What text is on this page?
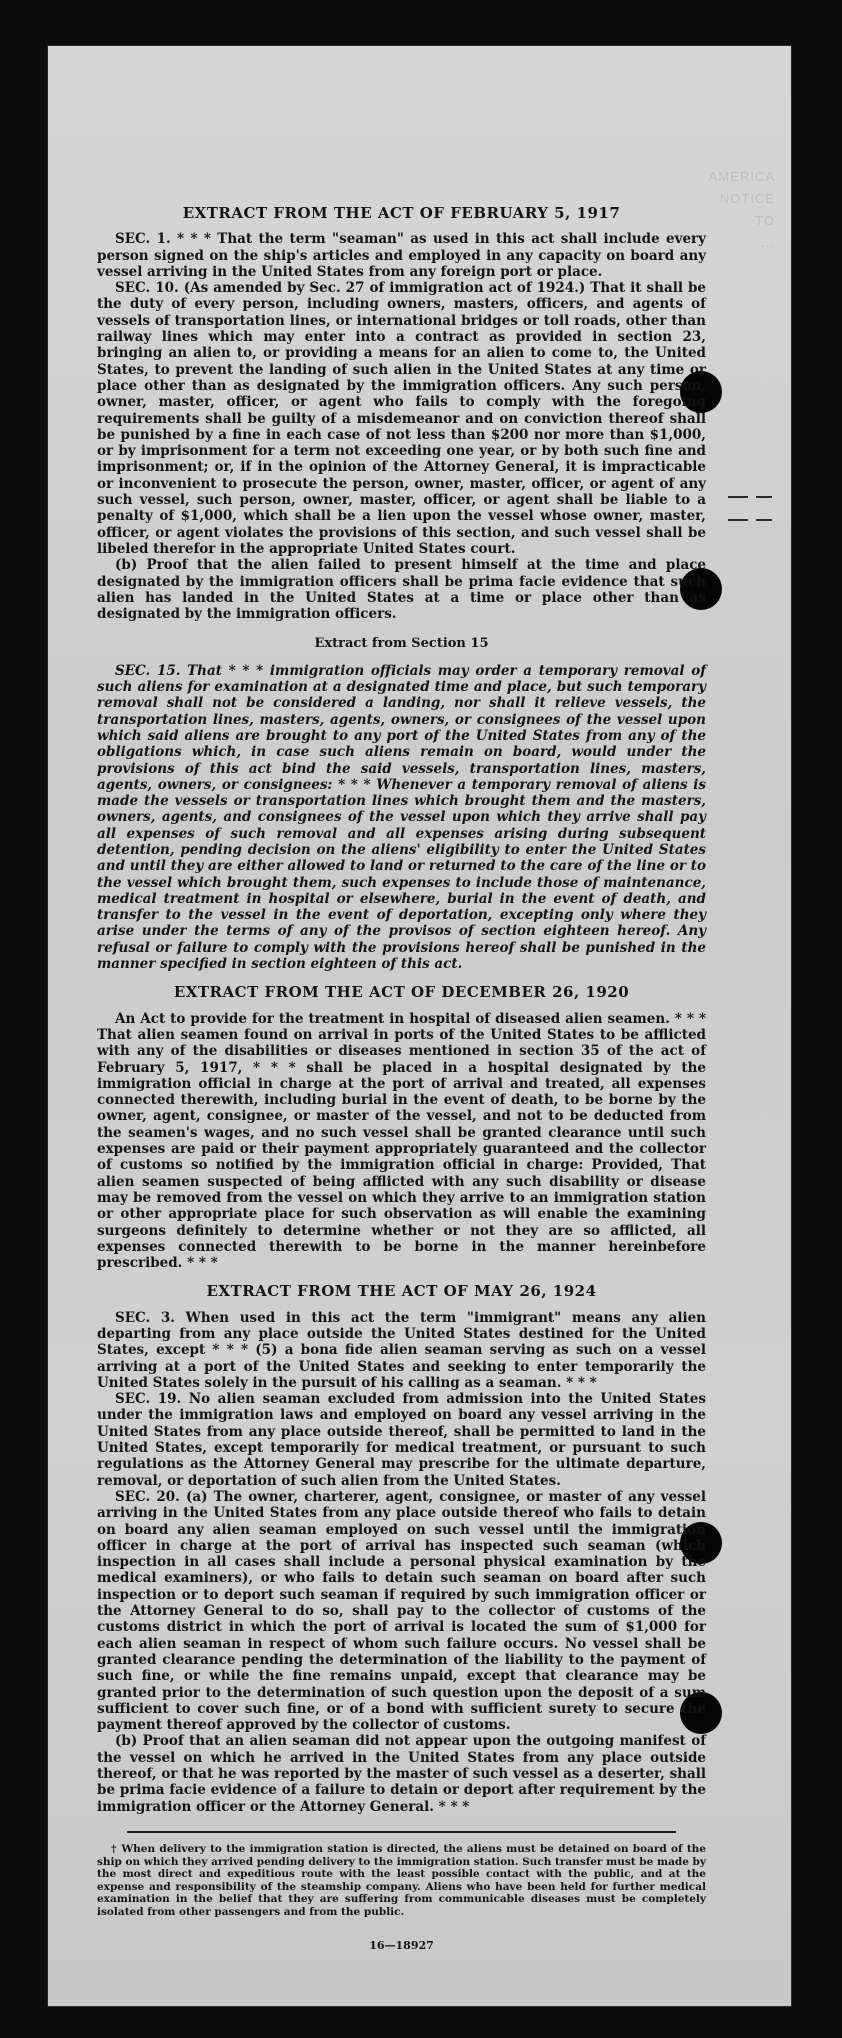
AMERICA
NOTICE
TO
...
EXTRACT FROM THE ACT OF FEBRUARY 5, 1917

SEC. 1. * * * That the term "seaman" as used in this act shall include every person signed on the ship's articles and employed in any capacity on board any vessel arriving in the United States from any foreign port or place.

SEC. 10. (As amended by Sec. 27 of immigration act of 1924.) That it shall be the duty of every person, including owners, masters, officers, and agents of vessels of transportation lines, or international bridges or toll roads, other than railway lines which may enter into a contract as provided in section 23, bringing an alien to, or providing a means for an alien to come to, the United States, to prevent the landing of such alien in the United States at any time or place other than as designated by the immigration officers. Any such person, owner, master, officer, or agent who fails to comply with the foregoing requirements shall be guilty of a misdemeanor and on conviction thereof shall be punished by a fine in each case of not less than $200 nor more than $1,000, or by imprisonment for a term not exceeding one year, or by both such fine and imprisonment; or, if in the opinion of the Attorney General, it is impracticable or inconvenient to prosecute the person, owner, master, officer, or agent of any such vessel, such person, owner, master, officer, or agent shall be liable to a penalty of $1,000, which shall be a lien upon the vessel whose owner, master, officer, or agent violates the provisions of this section, and such vessel shall be libeled therefor in the appropriate United States court.

(b) Proof that the alien failed to present himself at the time and place designated by the immigration officers shall be prima facie evidence that such alien has landed in the United States at a time or place other than as designated by the immigration officers.

Extract from Section 15

SEC. 15. That * * * immigration officials may order a temporary removal of such aliens for examination at a designated time and place, but such temporary removal shall not be considered a landing, nor shall it relieve vessels, the transportation lines, masters, agents, owners, or consignees of the vessel upon which said aliens are brought to any port of the United States from any of the obligations which, in case such aliens remain on board, would under the provisions of this act bind the said vessels, transportation lines, masters, agents, owners, or consignees: * * * Whenever a temporary removal of aliens is made the vessels or transportation lines which brought them and the masters, owners, agents, and consignees of the vessel upon which they arrive shall pay all expenses of such removal and all expenses arising during subsequent detention, pending decision on the aliens' eligibility to enter the United States and until they are either allowed to land or returned to the care of the line or to the vessel which brought them, such expenses to include those of maintenance, medical treatment in hospital or elsewhere, burial in the event of death, and transfer to the vessel in the event of deportation, excepting only where they arise under the terms of any of the provisos of section eighteen hereof. Any refusal or failure to comply with the provisions hereof shall be punished in the manner specified in section eighteen of this act.

EXTRACT FROM THE ACT OF DECEMBER 26, 1920

An Act to provide for the treatment in hospital of diseased alien seamen. * * * That alien seamen found on arrival in ports of the United States to be afflicted with any of the disabilities or diseases mentioned in section 35 of the act of February 5, 1917, * * * shall be placed in a hospital designated by the immigration official in charge at the port of arrival and treated, all expenses connected therewith, including burial in the event of death, to be borne by the owner, agent, consignee, or master of the vessel, and not to be deducted from the seamen's wages, and no such vessel shall be granted clearance until such expenses are paid or their payment appropriately guaranteed and the collector of customs so notified by the immigration official in charge: Provided, That alien seamen suspected of being afflicted with any such disability or disease may be removed from the vessel on which they arrive to an immigration station or other appropriate place for such observation as will enable the examining surgeons definitely to determine whether or not they are so afflicted, all expenses connected therewith to be borne in the manner hereinbefore prescribed. * * *

EXTRACT FROM THE ACT OF MAY 26, 1924

SEC. 3. When used in this act the term "immigrant" means any alien departing from any place outside the United States destined for the United States, except * * * (5) a bona fide alien seaman serving as such on a vessel arriving at a port of the United States and seeking to enter temporarily the United States solely in the pursuit of his calling as a seaman. * * *

SEC. 19. No alien seaman excluded from admission into the United States under the immigration laws and employed on board any vessel arriving in the United States from any place outside thereof, shall be permitted to land in the United States, except temporarily for medical treatment, or pursuant to such regulations as the Attorney General may prescribe for the ultimate departure, removal, or deportation of such alien from the United States.

SEC. 20. (a) The owner, charterer, agent, consignee, or master of any vessel arriving in the United States from any place outside thereof who fails to detain on board any alien seaman employed on such vessel until the immigration officer in charge at the port of arrival has inspected such seaman (which inspection in all cases shall include a personal physical examination by the medical examiners), or who fails to detain such seaman on board after such inspection or to deport such seaman if required by such immigration officer or the Attorney General to do so, shall pay to the collector of customs of the customs district in which the port of arrival is located the sum of $1,000 for each alien seaman in respect of whom such failure occurs. No vessel shall be granted clearance pending the determination of the liability to the payment of such fine, or while the fine remains unpaid, except that clearance may be granted prior to the determination of such question upon the deposit of a sum sufficient to cover such fine, or of a bond with sufficient surety to secure the payment thereof approved by the collector of customs.

(b) Proof that an alien seaman did not appear upon the outgoing manifest of the vessel on which he arrived in the United States from any place outside thereof, or that he was reported by the master of such vessel as a deserter, shall be prima facie evidence of a failure to detain or deport after requirement by the immigration officer or the Attorney General. * * *

† When delivery to the immigration station is directed, the aliens must be detained on board of the ship on which they arrived pending delivery to the immigration station. Such transfer must be made by the most direct and expeditious route with the least possible contact with the public, and at the expense and responsibility of the steamship company. Aliens who have been held for further medical examination in the belief that they are suffering from communicable diseases must be completely isolated from other passengers and from the public.

16—18927
